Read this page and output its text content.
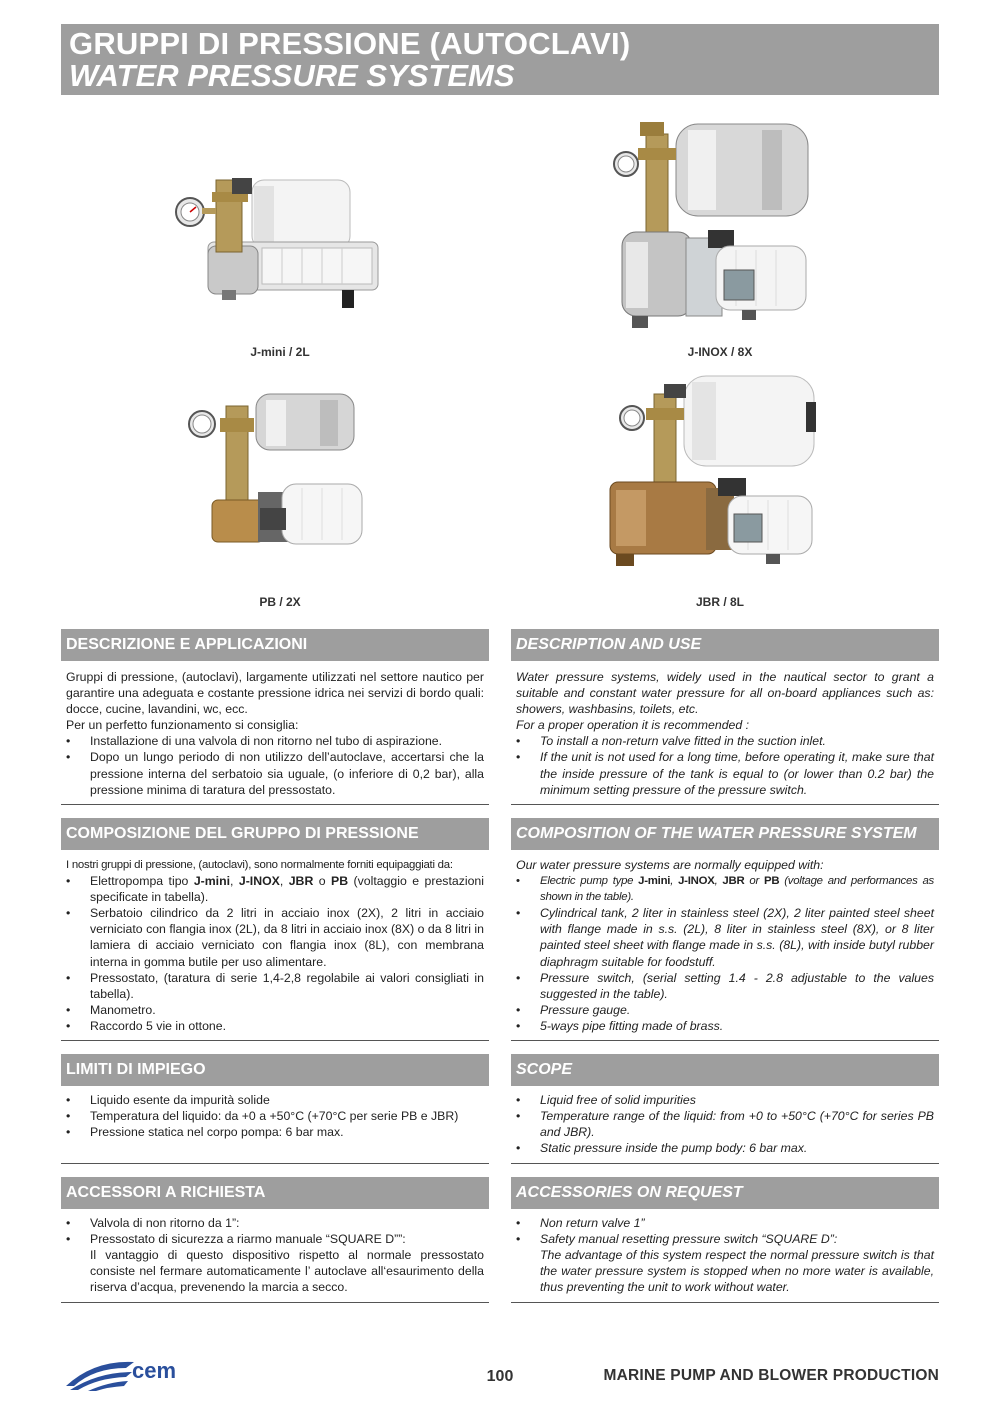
GRUPPI DI PRESSIONE (AUTOCLAVI)
WATER PRESSURE SYSTEMS
J-mini / 2L	J-INOX / 8X
PB / 2X	JBR / 8L
DESCRIZIONE E APPLICAZIONI

Gruppi di pressione, (autoclavi), largamente utilizzati nel settore nautico per garantire una adeguata e costante pressione idrica nei servizi di bordo quali: docce, cucine, lavandini, wc, ecc.

Per un perfetto funzionamento si consiglia:

• Installazione di una valvola di non ritorno nel tubo di aspirazione.
• Dopo un lungo periodo di non utilizzo dell’autoclave, accertarsi che la pressione interna del serbatoio sia uguale, (o inferiore di 0,2 bar), alla pressione minima di taratura del pressostato.
COMPOSIZIONE DEL GRUPPO DI PRESSIONE

I nostri gruppi di pressione, (autoclavi), sono normalmente forniti equipaggiati da:

• Elettropompa tipo J-mini, J-INOX, JBR o PB (voltaggio e prestazioni specificate in tabella).
• Serbatoio cilindrico da 2 litri in acciaio inox (2X), 2 litri in acciaio verniciato con flangia inox (2L), da 8 litri in acciaio inox (8X) o da 8 litri in lamiera di acciaio verniciato con flangia inox (8L), con membrana interna in gomma butile per uso alimentare.
• Pressostato, (taratura di serie 1,4-2,8 regolabile ai valori consigliati in tabella).
• Manometro.
• Raccordo 5 vie in ottone.
LIMITI DI IMPIEGO
• Liquido esente da impurità solide
• Temperatura del liquido: da +0 a +50°C (+70°C per serie PB e JBR)
• Pressione statica nel corpo pompa: 6 bar max.
ACCESSORI A RICHIESTA
• Valvola di non ritorno da 1”:
• Pressostato di sicurezza a riarmo manuale “SQUARE D””:

Il vantaggio di questo dispositivo rispetto al normale pressostato consiste nel fermare automaticamente l’ autoclave all‘esaurimento della riserva d’acqua, prevenendo la marcia a secco.

DESCRIPTION AND USE

Water pressure systems, widely used in the nautical sector to grant a suitable and constant water pressure for all on-board appliances such as: showers, washbasins, toilets, etc.

For a proper operation it is recommended :

• To install a non-return valve fitted in the suction inlet.
• If the unit is not used for a long time, before operating it, make sure that the inside pressure of the tank is equal to (or lower than 0.2 bar) the minimum setting pressure of the pressure switch.
COMPOSITION OF THE WATER PRESSURE SYSTEM

Our water pressure systems are normally equipped with:

• Electric pump type J-mini, J-INOX, JBR or PB (voltage and performances as shown in the table).
• Cylindrical tank, 2 liter in stainless steel (2X), 2 liter painted steel sheet with flange made in s.s. (2L), 8 liter in stainless steel (8X), or 8 liter painted steel sheet with flange made in s.s. (8L), with inside butyl rubber diaphragm suitable for foodstuff.
• Pressure switch, (serial setting 1.4 - 2.8 adjustable to the values suggested in the table).
• Pressure gauge.
• 5-ways pipe fitting made of brass.
SCOPE
• Liquid free of solid impurities
• Temperature range of the liquid: from +0 to +50°C (+70°C for series PB and JBR).
• Static pressure inside the pump body: 6 bar max.
ACCESSORIES ON REQUEST
• Non return valve 1”
• Safety manual resetting pressure switch “SQUARE D”:

The advantage of this system respect the normal pressure switch is that the water pressure system is stopped when no more water is available, thus preventing the unit to work without water.

cem	100	MARINE PUMP AND BLOWER PRODUCTION
